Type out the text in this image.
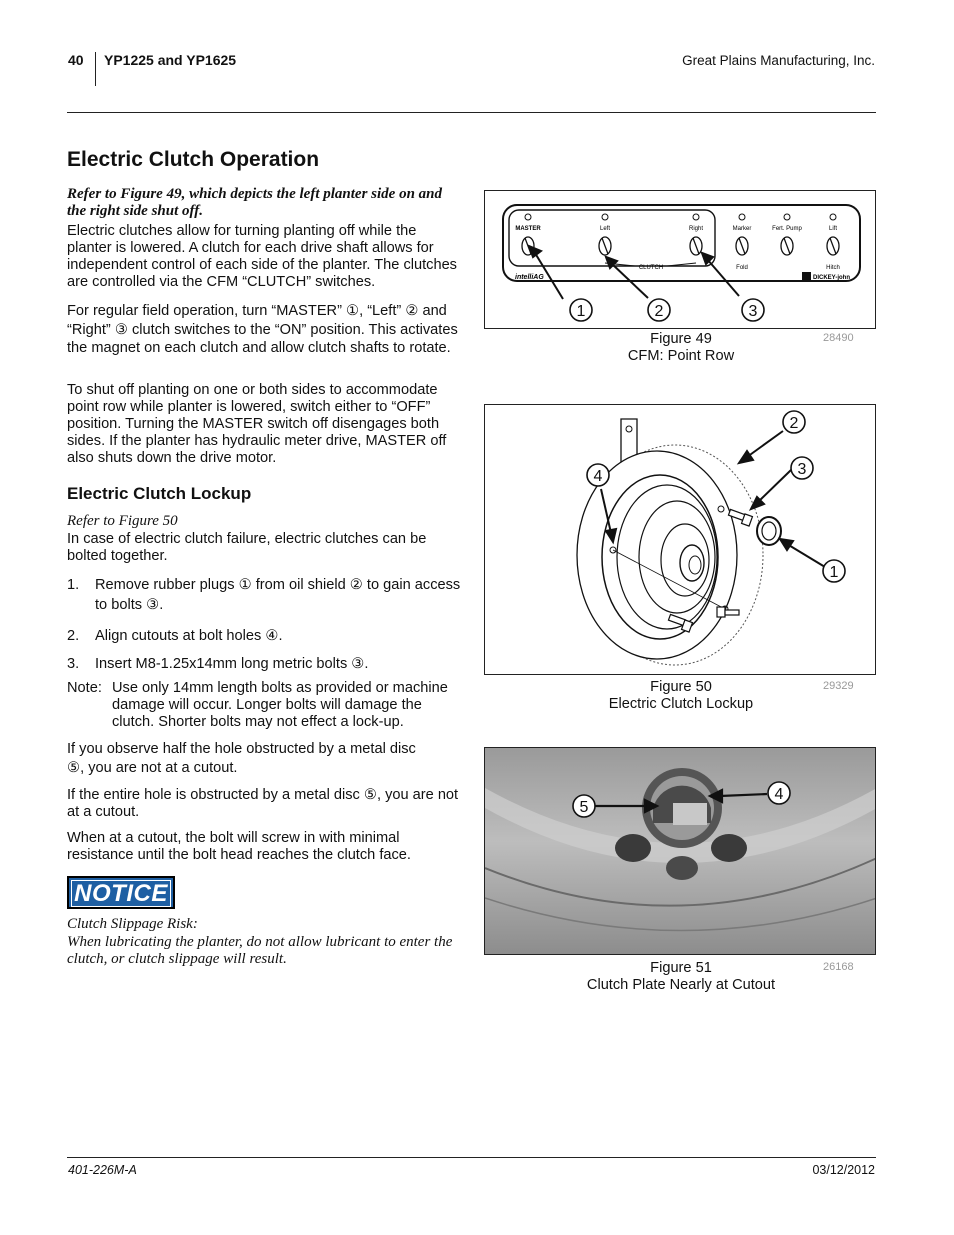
40 YP1225 and YP1625	Great Plains Manufacturing, Inc.
Electric Clutch Operation

Refer to Figure 49, which depicts the left planter side on and the right side shut off.

Electric clutches allow for turning planting off while the planter is lowered. A clutch for each drive shaft allows for independent control of each side of the planter. The clutches are controlled via the CFM “CLUTCH” switches.

For regular field operation, turn “MASTER” ①, “Left” ② and “Right” ③ clutch switches to the “ON” position. This activates the magnet on each clutch and allow clutch shafts to rotate.

To shut off planting on one or both sides to accommodate point row while planter is lowered, switch either to “OFF” position. Turning the MASTER switch off disengages both sides. If the planter has hydraulic meter drive, MASTER off also shuts down the drive motor.

Electric Clutch Lockup

Refer to Figure 50

In case of electric clutch failure, electric clutches can be bolted together.

1. Remove rubber plugs ① from oil shield ② to gain access to bolts ③.
2. Align cutouts at bolt holes ④.
3. Insert M8-1.25x14mm long metric bolts ③.
Note: Use only 14mm length bolts as provided or machine damage will occur. Longer bolts will damage the clutch. Shorter bolts may not effect a lock-up.

If you observe half the hole obstructed by a metal disc ⑤, you are not at a cutout.

If the entire hole is obstructed by a metal disc ⑤, you are not at a cutout.

When at a cutout, the bolt will screw in with minimal resistance until the bolt head reaches the clutch face.

NOTICE

Clutch Slippage Risk:

When lubricating the planter, do not allow lubricant to enter the clutch, or clutch slippage will result.

MASTER	Left	Right	Marker	Fert. Pump	Lift
CLUTCH	Fold	Hitch
intelliAG	DICKEY-john
1	2	3
Figure 49
CFM: Point Row
28490
2
3
4
1
Figure 50
Electric Clutch Lockup
29329
5
4
Figure 51
Clutch Plate Nearly at Cutout
26168
401-226M-A	03/12/2012
